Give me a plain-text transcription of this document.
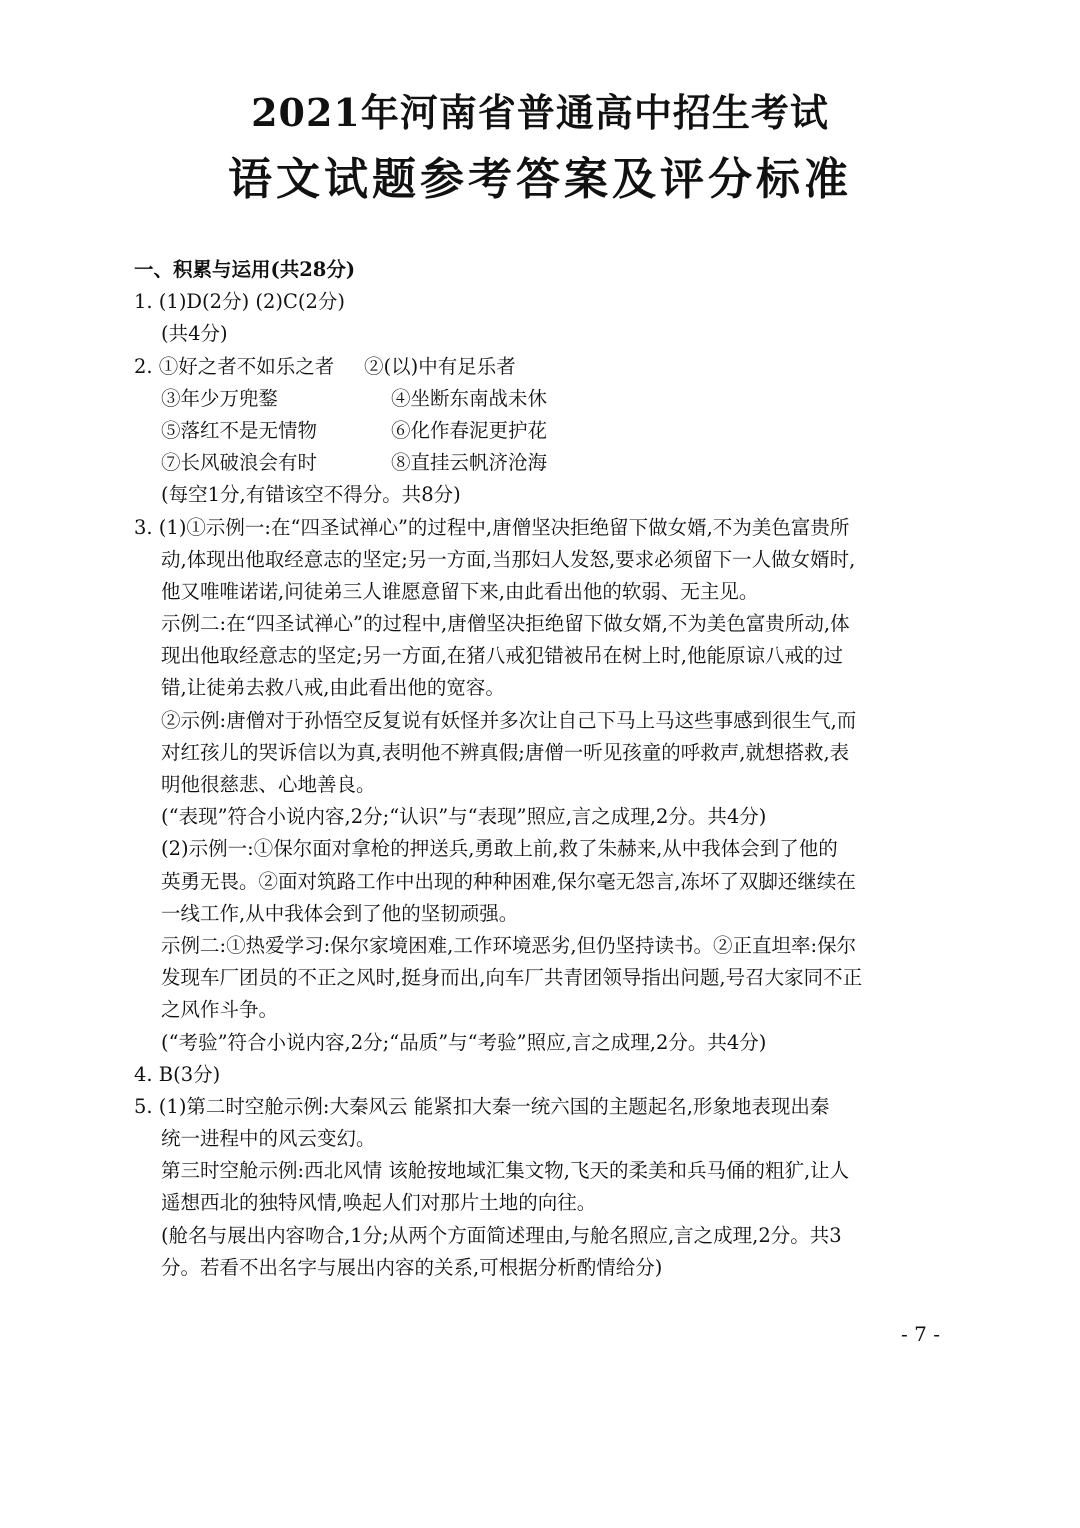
2021年河南省普通高中招生考试
语文试题参考答案及评分标准
一、积累与运用(共28分)
1. (1)D(2分) (2)C(2分)
(共4分)
2. ①好之者不如乐之者	②(以)中有足乐者
③年少万兜鍪	④坐断东南战未休
⑤落红不是无情物	⑥化作春泥更护花
⑦长风破浪会有时	⑧直挂云帆济沧海
(每空1分,有错该空不得分。共8分)
3. (1)①示例一:在“四圣试禅心”的过程中,唐僧坚决拒绝留下做女婿,不为美色富贵所
动,体现出他取经意志的坚定;另一方面,当那妇人发怒,要求必须留下一人做女婿时,
他又唯唯诺诺,问徒弟三人谁愿意留下来,由此看出他的软弱、无主见。
示例二:在“四圣试禅心”的过程中,唐僧坚决拒绝留下做女婿,不为美色富贵所动,体
现出他取经意志的坚定;另一方面,在猪八戒犯错被吊在树上时,他能原谅八戒的过
错,让徒弟去救八戒,由此看出他的宽容。
②示例:唐僧对于孙悟空反复说有妖怪并多次让自己下马上马这些事感到很生气,而
对红孩儿的哭诉信以为真,表明他不辨真假;唐僧一听见孩童的呼救声,就想搭救,表
明他很慈悲、心地善良。
(“表现”符合小说内容,2分;“认识”与“表现”照应,言之成理,2分。共4分)
(2)示例一:①保尔面对拿枪的押送兵,勇敢上前,救了朱赫来,从中我体会到了他的
英勇无畏。②面对筑路工作中出现的种种困难,保尔毫无怨言,冻坏了双脚还继续在
一线工作,从中我体会到了他的坚韧顽强。
示例二:①热爱学习:保尔家境困难,工作环境恶劣,但仍坚持读书。②正直坦率:保尔
发现车厂团员的不正之风时,挺身而出,向车厂共青团领导指出问题,号召大家同不正
之风作斗争。
(“考验”符合小说内容,2分;“品质”与“考验”照应,言之成理,2分。共4分)
4. B(3分)
5. (1)第二时空舱示例:大秦风云 能紧扣大秦一统六国的主题起名,形象地表现出秦
统一进程中的风云变幻。
第三时空舱示例:西北风情 该舱按地域汇集文物,飞天的柔美和兵马俑的粗犷,让人
遥想西北的独特风情,唤起人们对那片土地的向往。
(舱名与展出内容吻合,1分;从两个方面简述理由,与舱名照应,言之成理,2分。共3
分。若看不出名字与展出内容的关系,可根据分析酌情给分)
- 7 -
